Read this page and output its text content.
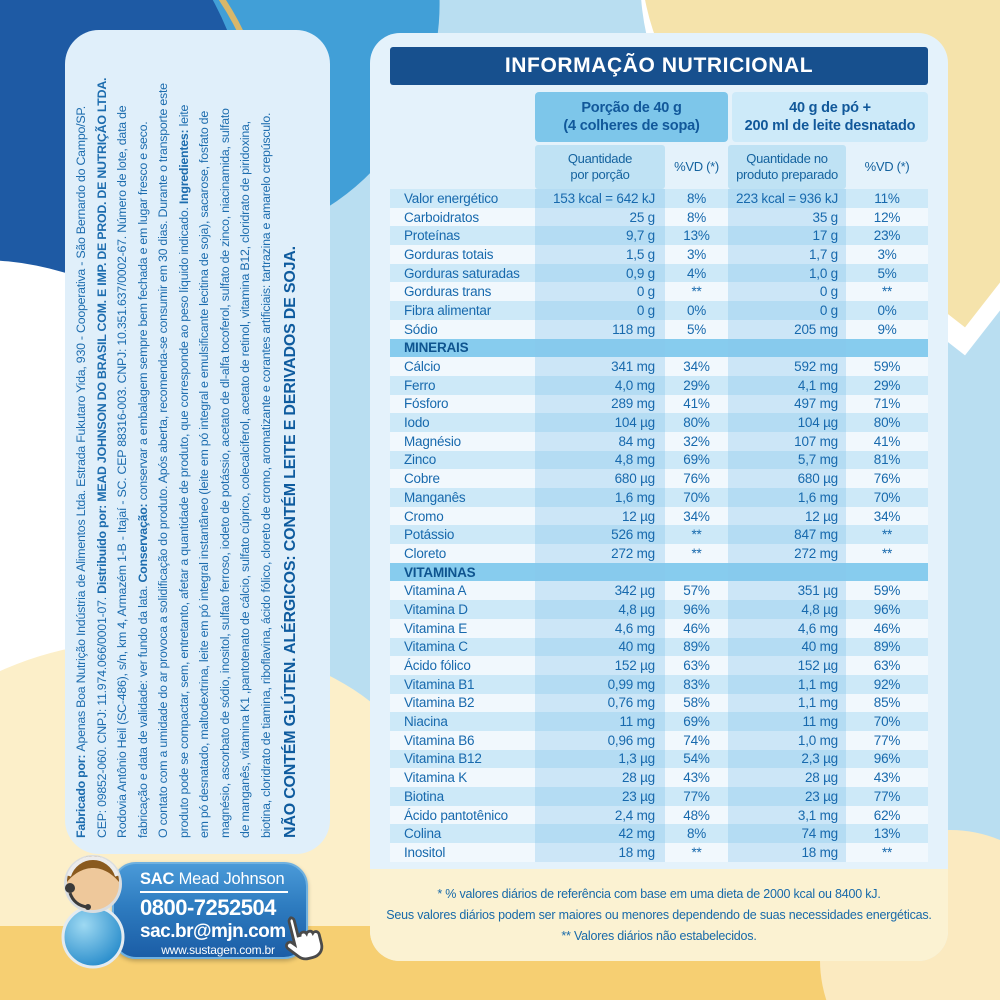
Fabricado por: Apenas Boa Nutrição Indústria de Alimentos Ltda. Estrada Fukutaro Yida, 930 - Cooperativa - São Bernardo do Campo/SP. CEP: 09852-060. CNPJ: 11.974.066/0001-07. Distribuído por: MEAD JOHNSON DO BRASIL COM. E IMP. DE PROD. DE NUTRIÇÃO LTDA. Rodovia Antônio Heil (SC-486), s/n, km 4, Armazém 1-B - Itajaí - SC. CEP 88316-003. CNPJ: 10.351.637/0002-67. Número de lote, data de fabricação e data de validade: ver fundo da lata. Conservação: conservar a embalagem sempre bem fechada e em lugar fresco e seco. O contato com a umidade do ar provoca a solidificação do produto. Após aberta, recomenda-se consumir em 30 dias. Durante o transporte este produto pode se compactar, sem, entretanto, afetar a quantidade de produto, que corresponde ao peso líquido indicado. Ingredientes: leite em pó desnatado, maltodextrina, leite em pó integral instantâneo (leite em pó integral e emulsificante lecitina de soja), sacarose, fosfato de magnésio, ascorbato de sódio, inositol, sulfato ferroso, iodeto de potássio, acetato de dl-alfa tocoferol, sulfato de zinco, niacinamida, sulfato de manganês, vitamina K1 ,pantotenato de cálcio, sulfato cúprico, colecalciferol, acetato de retinol, vitamina B12, cloridrato de piridoxina, biotina, cloridrato de tiamina, riboflavina, ácido fólico, cloreto de cromo, aromatizante e corantes artificiais: tartrazina e amarelo crepúsculo. NÃO CONTÉM GLÚTEN. ALÉRGICOS: CONTÉM LEITE E DERIVADOS DE SOJA.
INFORMAÇÃO NUTRICIONAL
Porção de 40 g
(4 colheres de sopa)
40 g de pó +
200 ml de leite desnatado
Quantidade
por porção
%VD (*)
Quantidade no
produto preparado
%VD (*)
Valor energético	153 kcal = 642 kJ	8%	223 kcal = 936 kJ	11%
Carboidratos	25 g	8%	35 g	12%
Proteínas	9,7 g	13%	17 g	23%
Gorduras totais	1,5 g	3%	1,7 g	3%
Gorduras saturadas	0,9 g	4%	1,0 g	5%
Gorduras trans	0 g	**	0 g	**
Fibra alimentar	0 g	0%	0 g	0%
Sódio	118 mg	5%	205 mg	9%
MINERAIS
Cálcio	341 mg	34%	592 mg	59%
Ferro	4,0 mg	29%	4,1 mg	29%
Fósforo	289 mg	41%	497 mg	71%
Iodo	104 µg	80%	104 µg	80%
Magnésio	84 mg	32%	107 mg	41%
Zinco	4,8 mg	69%	5,7 mg	81%
Cobre	680 µg	76%	680 µg	76%
Manganês	1,6 mg	70%	1,6 mg	70%
Cromo	12 µg	34%	12 µg	34%
Potássio	526 mg	**	847 mg	**
Cloreto	272 mg	**	272 mg	**
VITAMINAS
Vitamina A	342 µg	57%	351 µg	59%
Vitamina D	4,8 µg	96%	4,8 µg	96%
Vitamina E	4,6 mg	46%	4,6 mg	46%
Vitamina C	40 mg	89%	40 mg	89%
Ácido fólico	152 µg	63%	152 µg	63%
Vitamina B1	0,99 mg	83%	1,1 mg	92%
Vitamina B2	0,76 mg	58%	1,1 mg	85%
Niacina	11 mg	69%	11 mg	70%
Vitamina B6	0,96 mg	74%	1,0 mg	77%
Vitamina B12	1,3 µg	54%	2,3 µg	96%
Vitamina K	28 µg	43%	28 µg	43%
Biotina	23 µg	77%	23 µg	77%
Ácido pantotênico	2,4 mg	48%	3,1 mg	62%
Colina	42 mg	8%	74 mg	13%
Inositol	18 mg	**	18 mg	**
* % valores diários de referência com base em uma dieta de 2000 kcal ou 8400 kJ.
Seus valores diários podem ser maiores ou menores dependendo de suas necessidades energéticas.
** Valores diários não estabelecidos.
SAC Mead Johnson
0800-7252504
sac.br@mjn.com
www.sustagen.com.br
